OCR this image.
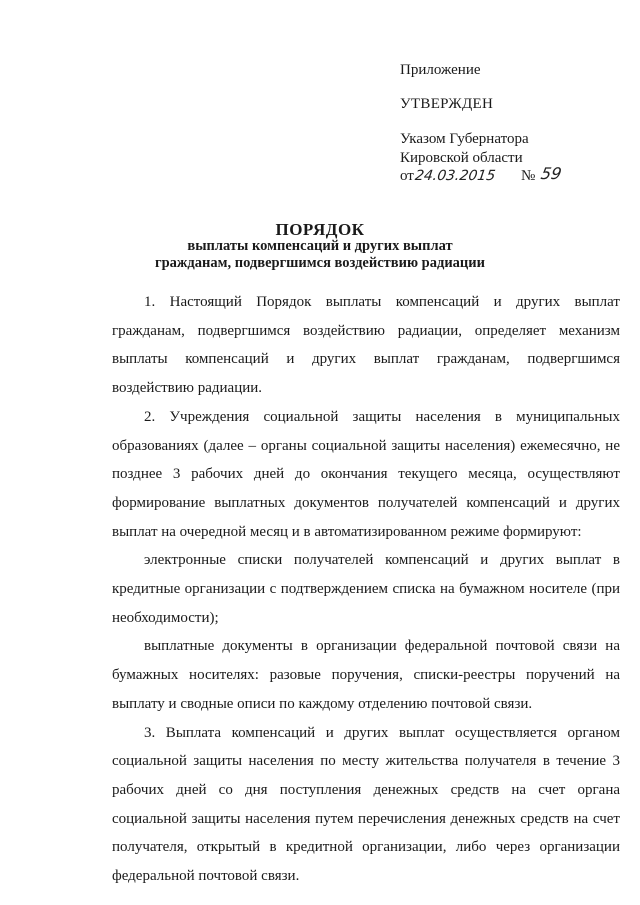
Приложение
УТВЕРЖДЕН
Указом Губернатора
Кировской области
от24.03.2015 № 59
ПОРЯДОК
выплаты компенсаций и других выплат
гражданам, подвергшимся воздействию радиации

1. Настоящий Порядок выплаты компенсаций и других выплат гражданам, подвергшимся воздействию радиации, определяет механизм выплаты компенсаций и других выплат гражданам, подвергшимся воздействию радиации.

2. Учреждения социальной защиты населения в муниципальных образованиях (далее – органы социальной защиты населения) ежемесячно, не позднее 3 рабочих дней до окончания текущего месяца, осуществляют формирование выплатных документов получателей компенсаций и других выплат на очередной месяц и в автоматизированном режиме формируют:

электронные списки получателей компенсаций и других выплат в кредитные организации с подтверждением списка на бумажном носителе (при необходимости);

выплатные документы в организации федеральной почтовой связи на бумажных носителях: разовые поручения, списки-реестры поручений на выплату и сводные описи по каждому отделению почтовой связи.

3. Выплата компенсаций и других выплат осуществляется органом социальной защиты населения по месту жительства получателя в течение 3 рабочих дней со дня поступления денежных средств на счет органа социальной защиты населения путем перечисления денежных средств на счет получателя, открытый в кредитной организации, либо через организации федеральной почтовой связи.
